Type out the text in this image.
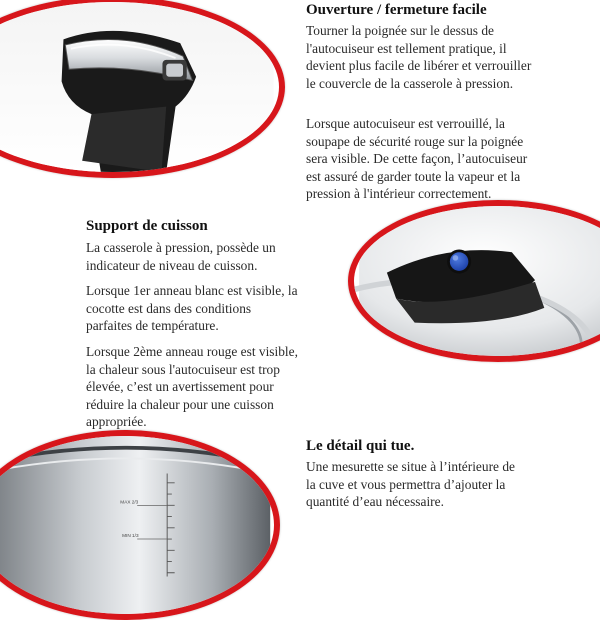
Ouverture / fermeture facile

Tourner la poignée sur le dessus de l'autocuiseur est tellement pratique, il devient plus facile de libérer et verrouiller le couvercle de la casserole à pression.

Lorsque autocuiseur est verrouillé, la soupape de sécurité rouge sur la poignée sera visible. De cette façon, l’autocuiseur est assuré de garder toute la vapeur et la pression à l'intérieur correctement.

Support de cuisson

La casserole à pression, possède un indicateur de niveau de cuisson.

Lorsque 1er anneau blanc est visible, la cocotte est dans des conditions parfaites de température.

Lorsque 2ème anneau rouge est visible, la chaleur sous l'autocuiseur est trop élevée, c’est un avertissement pour réduire la chaleur pour une cuisson appropriée.

MAX 2/3
MIN 1/3
Le détail qui tue.

Une mesurette se situe à l’intérieure de la cuve et vous permettra d’ajouter la quantité d’eau nécessaire.
